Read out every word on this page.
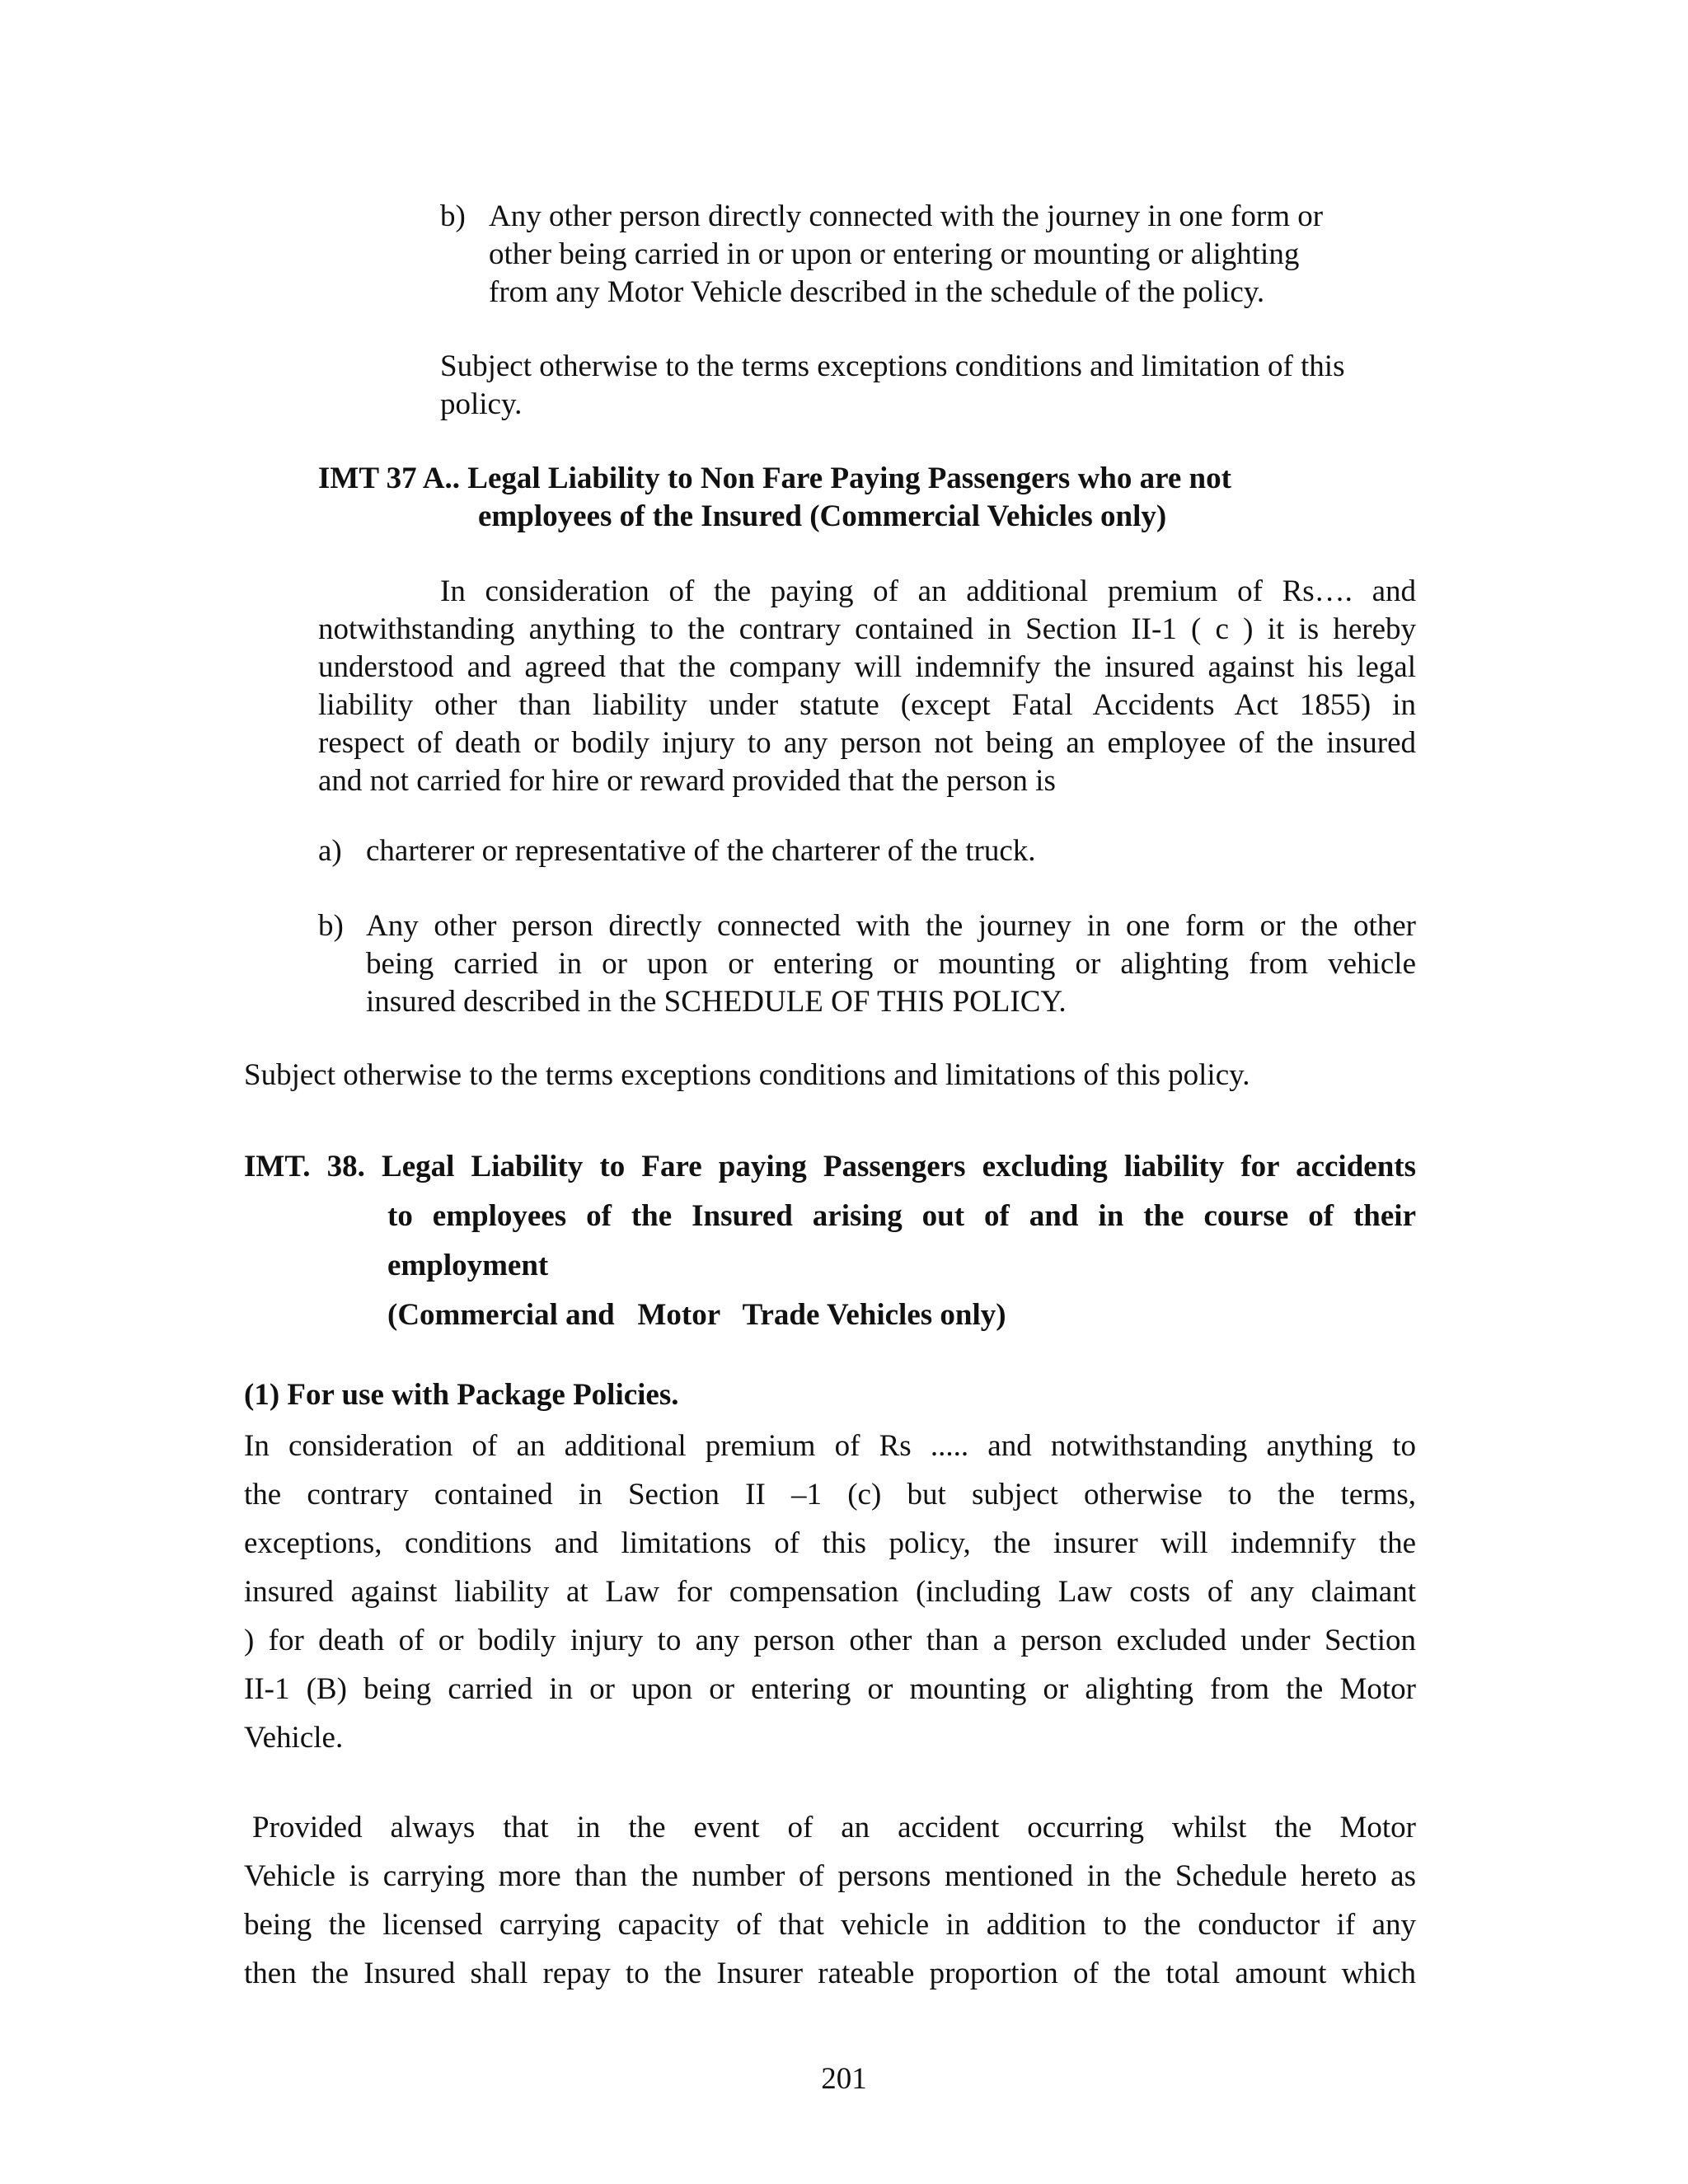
b) Any other person directly connected with the journey in one form or
other being carried in or upon or entering or mounting or alighting
from any Motor Vehicle described in the schedule of the policy.
Subject otherwise to the terms exceptions conditions and limitation of this
policy.
IMT 37 A.. Legal Liability to Non Fare Paying Passengers who are not
employees of the Insured (Commercial Vehicles only)
In consideration of the paying of an additional premium of Rs…. and
notwithstanding anything to the contrary contained in Section II-1 ( c ) it is hereby
understood and agreed that the company will indemnify the insured against his legal
liability other than liability under statute (except Fatal Accidents Act 1855) in
respect of death or bodily injury to any person not being an employee of the insured
and not carried for hire or reward provided that the person is
a) charterer or representative of the charterer of the truck.
b) Any other person directly connected with the journey in one form or the other
being carried in or upon or entering or mounting or alighting from vehicle
insured described in the SCHEDULE OF THIS POLICY.
Subject otherwise to the terms exceptions conditions and limitations of this policy.
IMT. 38. Legal Liability to Fare paying Passengers excluding liability for accidents
to employees of the Insured arising out of and in the course of their
employment
(Commercial and   Motor   Trade Vehicles only)
(1) For use with Package Policies.
In consideration of an additional premium of Rs ..... and notwithstanding anything to
the contrary contained in Section II –1 (c) but subject otherwise to the terms,
exceptions, conditions and limitations of this policy, the insurer will indemnify the
insured against liability at Law for compensation (including Law costs of any claimant
) for death of or bodily injury to any person other than a person excluded under Section
II-1 (B) being carried in or upon or entering or mounting or alighting from the Motor
Vehicle.
Provided always that in the event of an accident occurring whilst the Motor
Vehicle is carrying more than the number of persons mentioned in the Schedule hereto as
being the licensed carrying capacity of that vehicle in addition to the conductor if any
then the Insured shall repay to the Insurer rateable proportion of the total amount which
201
